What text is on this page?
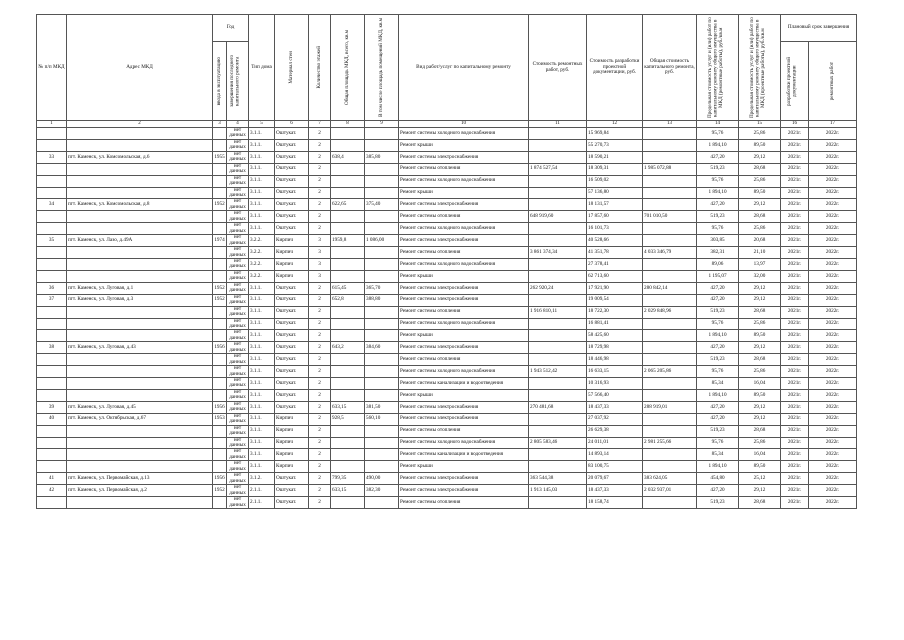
№ п/п МКД	Адрес МКД	Год		Тип дома	Материал стен	Количество этажей	Общая площадь МКД, всего, кв.м	В том числе площадь помещений МКД, кв.м	Вид работ/услуг по капитальному ремонту	Стоимость ремонтных работ, руб.	Стоимость разработки проектной документации, руб.	Общая стоимость капитального ремонта, руб.	Предельная стоимость услуг и (или) работ по капитальному ремонту общего имущества в МКД (ремонтные работы), руб./кв.м	Предельная стоимость услуг и (или) работ по капитальному ремонту общего имущества в МКД (проектные работы), руб./кв.м	Плановый срок завершения	

		ввода в эксплуатацию	завершения последнего капитального ремонта												разработки проектной документации	ремонтных работ

1	2	3	4	5	6	7	8	9	10	11	12	13	14	15	16	17
			нет данных	3.1.1.	Оштукат.	2			Ремонт системы холодного водоснабжения		15 969,84		95,76	25,86	2021г.	2022г.
			нет данных	3.1.1.	Оштукат.	2			Ремонт крыши		55 270,73		1 894,10	89,50	2021г.	2022г.
33	пгт. Каменск, ул. Комсомольская, д.6	1955	нет данных	3.1.1.	Оштукат.	2	638,4	385,80	Ремонт системы электроснабжения		18 590,21		427,20	29,12	2021г.	2022г.
			нет данных	3.1.1.	Оштукат.	2			Ремонт системы отопления	1 874 527,54	18 309,31	1 985 072,88	519,23	28,68	2021г.	2022г.
			нет данных	3.1.1.	Оштукат.	2			Ремонт системы холодного водоснабжения		16 509,02		95,76	25,86	2021г.	2022г.
			нет данных	3.1.1.	Оштукат.	2			Ремонт крыши		57 136,80		1 894,10	89,50	2021г.	2022г.
34	пгт. Каменск, ул. Комсомольская, д.8	1952	нет данных	3.1.1.	Оштукат.	2	622,65	375,40	Ремонт системы электроснабжения		18 131,57		427,20	29,12	2021г.	2022г.
			нет данных	3.1.1.	Оштукат.	2			Ремонт системы отопления	648 919,60	17 857,60	701 010,50	519,23	28,68	2021г.	2022г.
			нет данных	3.1.1.	Оштукат.	2			Ремонт системы холодного водоснабжения		16 101,73		95,76	25,86	2021г.	2022г.
35	пгт. Каменск, ул. Лазо, д.49А	1974	нет данных	3.2.2.	Кирпич	3	1959,8	1 086,00	Ремонт системы электроснабжения		40 528,66		303,85	20,68	2021г.	2022г.
			нет данных	3.2.2.	Кирпич	3			Ремонт системы отопления	3 861 374,34	41 351,78	4 033 346,79	382,31	21,10	2021г.	2022г.
			нет данных	3.2.2.	Кирпич	3			Ремонт системы холодного водоснабжения		27 378,41		89,06	13,97	2021г.	2022г.
			нет данных	3.2.2.	Кирпич	3			Ремонт крыши		62 713,60		1 195,07	32,00	2021г.	2022г.
36	пгт. Каменск, ул. Луговая, д.1	1952	нет данных	3.1.1.	Оштукат.	2	615,45	365,70	Ремонт системы электроснабжения	262 920,24	17 921,90	280 842,14	427,20	29,12	2021г.	2022г.
37	пгт. Каменск, ул. Луговая, д.3	1952	нет данных	3.1.1.	Оштукат.	2	652,8	388,80	Ремонт системы электроснабжения		19 009,54		427,20	29,12	2021г.	2022г.
			нет данных	3.1.1.	Оштукат.	2			Ремонт системы отопления	1 916 810,11	18 722,30	2 029 848,96	519,23	28,68	2021г.	2022г.
			нет данных	3.1.1.	Оштукат.	2			Ремонт системы холодного водоснабжения		16 881,41		95,76	25,86	2021г.	2022г.
			нет данных	3.1.1.	Оштукат.	2			Ремонт крыши		58 425,60		1 894,10	89,50	2021г.	2022г.
38	пгт. Каменск, ул. Луговая, д.43	1956	нет данных	3.1.1.	Оштукат.	2	643,2	384,60	Ремонт системы электроснабжения		18 729,98		427,20	29,12	2021г.	2022г.
			нет данных	3.1.1.	Оштукат.	2			Ремонт системы отопления		18 446,98		519,23	28,68	2021г.	2022г.
			нет данных	3.1.1.	Оштукат.	2			Ремонт системы холодного водоснабжения	1 943 512,42	16 633,15	2 065 205,86	95,76	25,86	2021г.	2022г.
			нет данных	3.1.1.	Оштукат.	2			Ремонт системы канализации и водоотведения		10 316,93		85,34	16,04	2021г.	2022г.
			нет данных	3.1.1.	Оштукат.	2			Ремонт крыши		57 566,40		1 894,10	89,50	2021г.	2022г.
39	пгт. Каменск, ул. Луговая, д.45	1956	нет данных	3.1.1.	Оштукат.	2	633,15	381,50	Ремонт системы электроснабжения	270 481,68	18 437,33	288 919,01	427,20	29,12	2021г.	2022г.
40	пгт. Каменск, ул. Октябрьская, д.67	1953	нет данных	3.1.1.	Кирпич	2	928,5	560,10	Ремонт системы электроснабжения		27 037,92		427,20	29,12	2021г.	2022г.
			нет данных	3.1.1.	Кирпич	2			Ремонт системы отопления		26 629,38		519,23	28,68	2021г.	2022г.
			нет данных	3.1.1.	Кирпич	2			Ремонт системы холодного водоснабжения	2 805 583,46	24 011,01	2 981 255,66	95,76	25,86	2021г.	2022г.
			нет данных	3.1.1.	Кирпич	2			Ремонт системы канализации и водоотведения		14 893,14		85,34	16,04	2021г.	2022г.
			нет данных	3.1.1.	Кирпич	2			Ремонт крыши		83 100,75		1 894,10	89,50	2021г.	2022г.
41	пгт. Каменск, ул. Первомайская, д.13	1956	нет данных	3.1.2.	Оштукат.	2	799,35	490,00	Ремонт системы электроснабжения	363 544,38	20 079,67	383 624,05	454,80	25,12	2021г.	2022г.
42	пгт. Каменск, ул. Первомайская, д.2	1952	нет данных	2.1.1.	Оштукат.	2	633,15	382,30	Ремонт системы электроснабжения	1 913 145,03	18 437,33	2 032 937,01	427,20	29,12	2021г.	2022г.
			нет данных	2.1.1.	Оштукат.	2			Ремонт системы отопления		18 158,74		519,23	28,68	2021г.	2022г.
